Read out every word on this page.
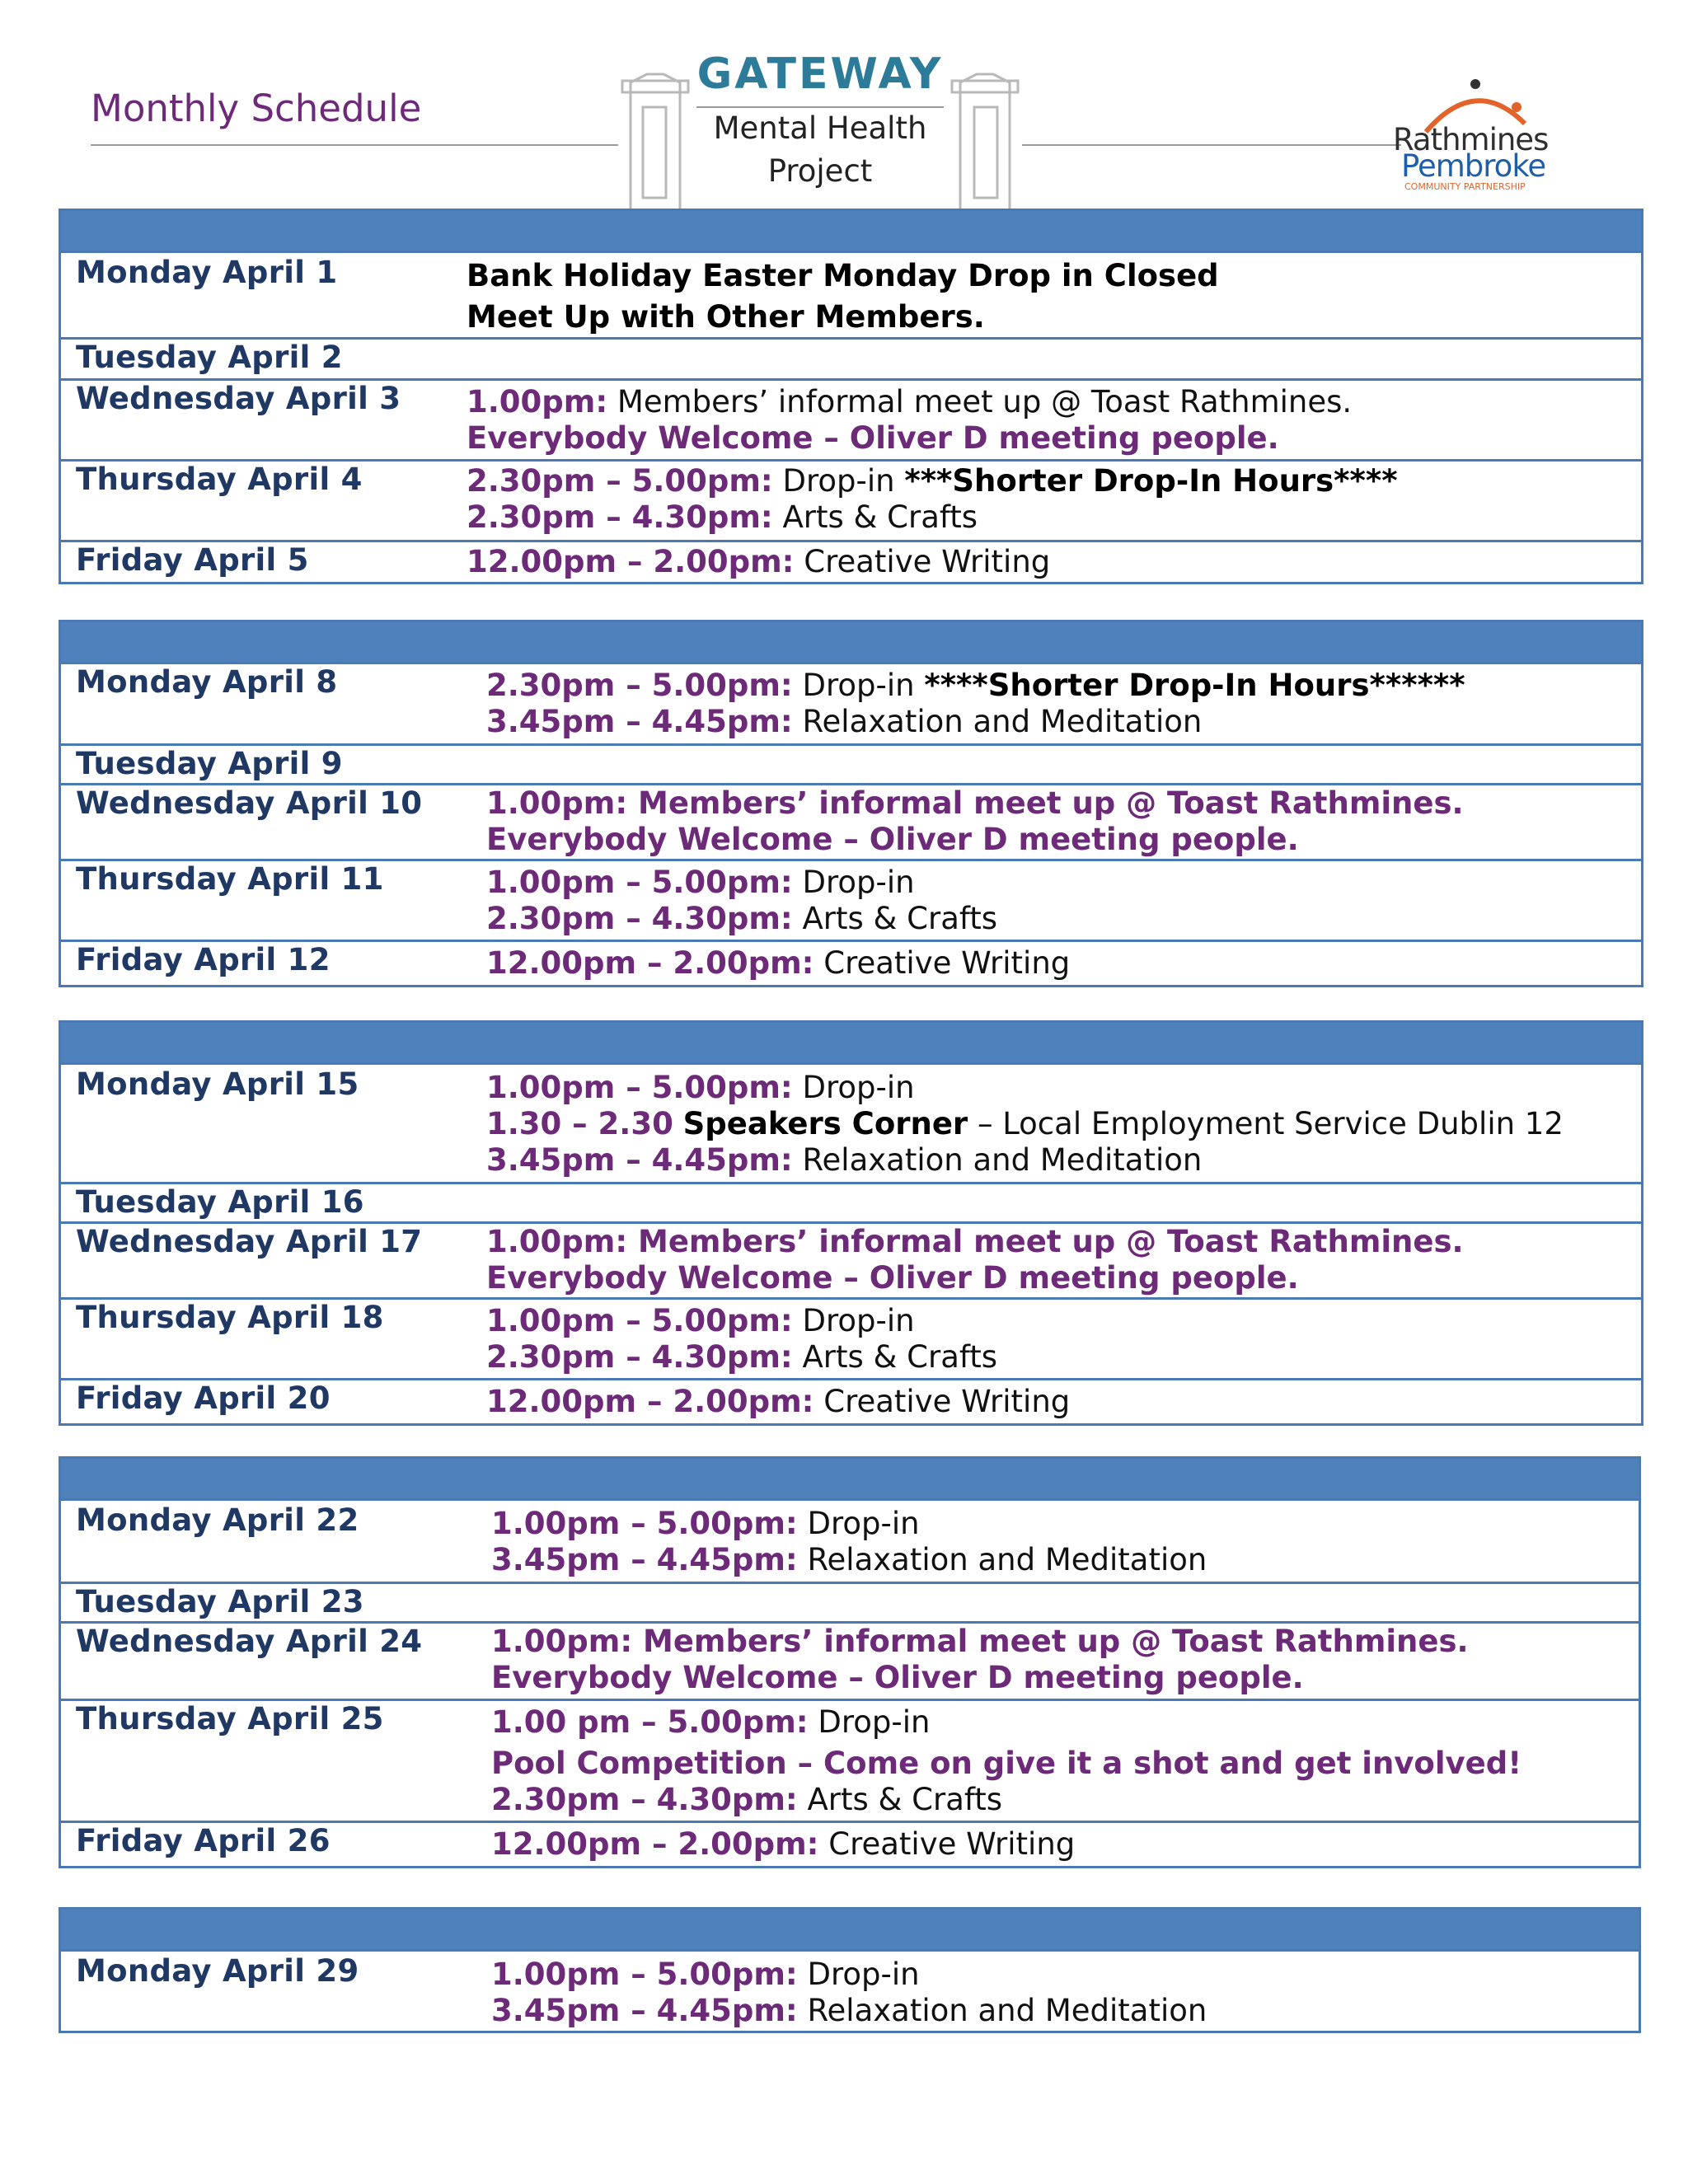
Monthly Schedule
GATEWAY
Mental Health
Project
Rathmines
Pembroke
COMMUNITY PARTNERSHIP
Monday April 1	Bank Holiday Easter Monday Drop in Closed
Meet Up with Other Members.
Tuesday April 2
Wednesday April 3 1.00pm: Members’ informal meet up @ Toast Rathmines.
Everybody Welcome – Oliver D meeting people.
Thursday April 4	2.30pm – 5.00pm: Drop-in ***Shorter Drop-In Hours****
2.30pm – 4.30pm: Arts & Crafts
Friday April 5	12.00pm – 2.00pm: Creative Writing
Monday April 8	2.30pm – 5.00pm: Drop-in ****Shorter Drop-In Hours******
3.45pm – 4.45pm: Relaxation and Meditation
Tuesday April 9
Wednesday April 10 1.00pm: Members’ informal meet up @ Toast Rathmines.
Everybody Welcome – Oliver D meeting people.
Thursday April 11	1.00pm – 5.00pm: Drop-in
2.30pm – 4.30pm: Arts & Crafts
Friday April 12	12.00pm – 2.00pm: Creative Writing
Monday April 15	1.00pm – 5.00pm: Drop-in
1.30 – 2.30 Speakers Corner – Local Employment Service Dublin 12
3.45pm – 4.45pm: Relaxation and Meditation
Tuesday April 16
Wednesday April 17 1.00pm: Members’ informal meet up @ Toast Rathmines.
Everybody Welcome – Oliver D meeting people.
Thursday April 18	1.00pm – 5.00pm: Drop-in
2.30pm – 4.30pm: Arts & Crafts
Friday April 20	12.00pm – 2.00pm: Creative Writing
Monday April 22	1.00pm – 5.00pm: Drop-in
3.45pm – 4.45pm: Relaxation and Meditation
Tuesday April 23
Wednesday April 24 1.00pm: Members’ informal meet up @ Toast Rathmines.
Everybody Welcome – Oliver D meeting people.
Thursday April 25	1.00 pm – 5.00pm: Drop-in
Pool Competition – Come on give it a shot and get involved!
2.30pm – 4.30pm: Arts & Crafts
Friday April 26	12.00pm – 2.00pm: Creative Writing
Monday April 29	1.00pm – 5.00pm: Drop-in
3.45pm – 4.45pm: Relaxation and Meditation
